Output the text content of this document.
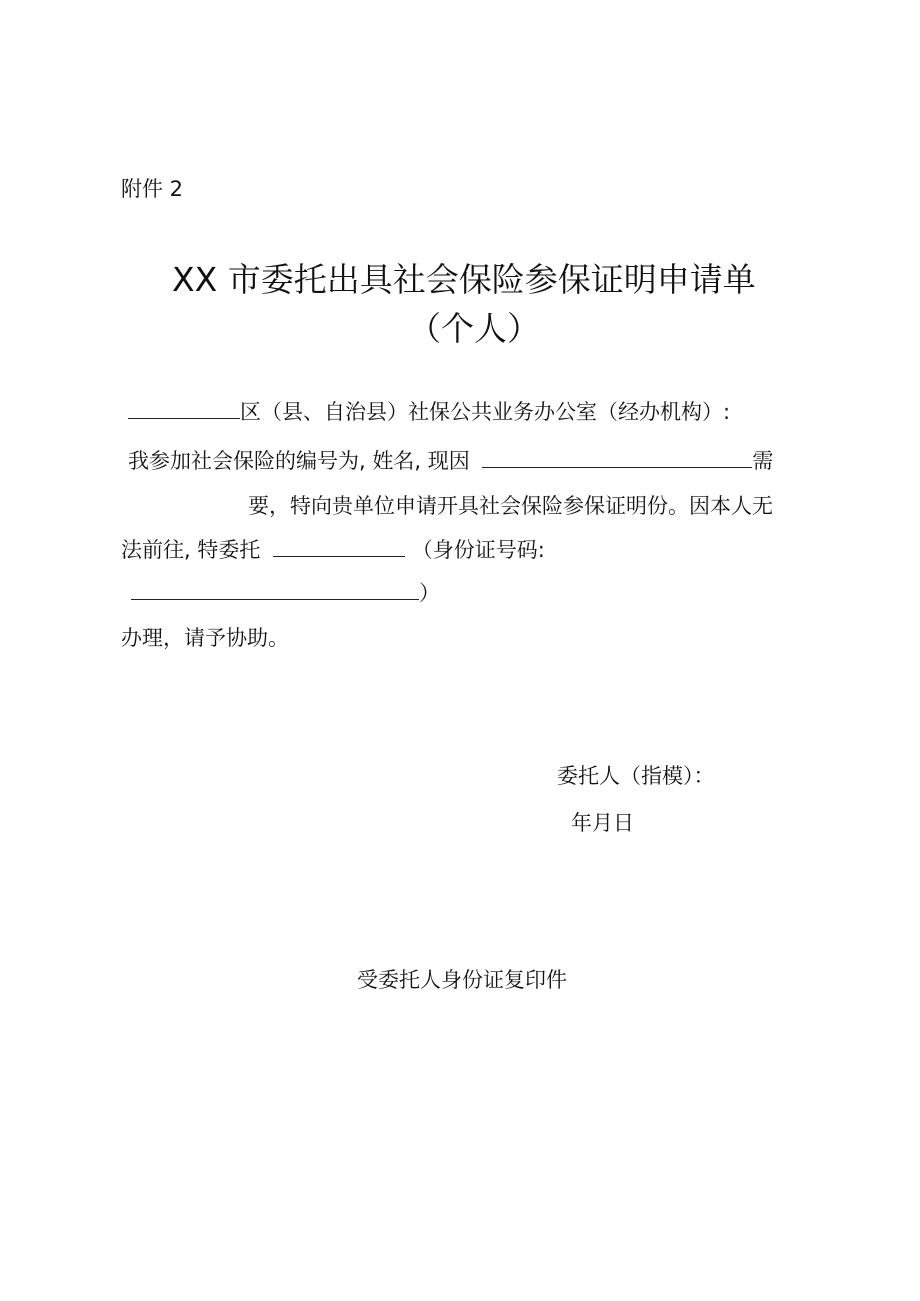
附件 2
XX 市委托出具社会保险参保证明申请单
（个人）
区（县、自治县）社保公共业务办公室（经办机构）:
我参加社会保险的编号为, 姓名, 现因	需
要，特向贵单位申请开具社会保险参保证明份。因本人无
法前往, 特委托	（身份证号码:
）
办理，请予协助。
委托人（指模）：
年月日
受委托人身份证复印件
